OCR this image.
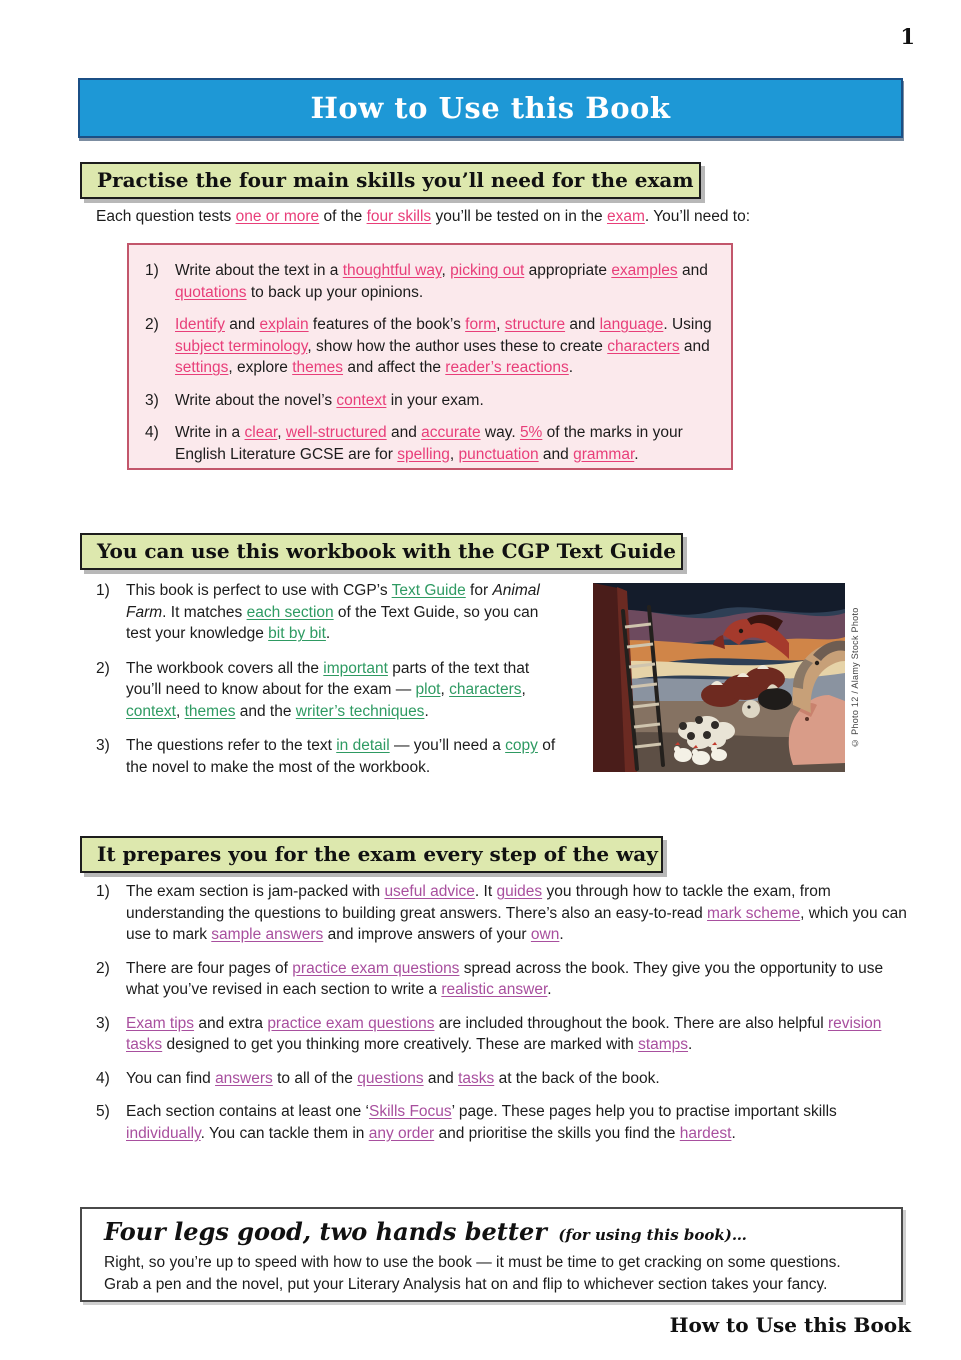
1
How to Use this Book
Practise the four main skills you’ll need for the exam

Each question tests one or more of the four skills you’ll be tested on in the exam. You’ll need to:

1)	Write about the text in a thoughtful way, picking out appropriate examples and quotations to back up your opinions.
2)	Identify and explain features of the book’s form, structure and language. Using subject terminology, show how the author uses these to create characters and settings, explore themes and affect the reader’s reactions.
3)	Write about the novel’s context in your exam.
4)	Write in a clear, well-structured and accurate way. 5% of the marks in your English Literature GCSE are for spelling, punctuation and grammar.
You can use this workbook with the CGP Text Guide
1)	This book is perfect to use with CGP’s Text Guide for Animal Farm. It matches each section of the Text Guide, so you can test your knowledge bit by bit.
2)	The workbook covers all the important parts of the text that you’ll need to know about for the exam — plot, characters, context, themes and the writer’s techniques.
3)	The questions refer to the text in detail — you’ll need a copy of the novel to make the most of the workbook.
© Photo 12 / Alamy Stock Photo
It prepares you for the exam every step of the way
1)	The exam section is jam-packed with useful advice. It guides you through how to tackle the exam, from understanding the questions to building great answers. There’s also an easy-to-read mark scheme, which you can use to mark sample answers and improve answers of your own.
2)	There are four pages of practice exam questions spread across the book. They give you the opportunity to use what you’ve revised in each section to write a realistic answer.
3)	Exam tips and extra practice exam questions are included throughout the book. There are also helpful revision tasks designed to get you thinking more creatively. These are marked with stamps.
4)	You can find answers to all of the questions and tasks at the back of the book.
5)	Each section contains at least one ‘Skills Focus’ page. These pages help you to practise important skills individually. You can tackle them in any order and prioritise the skills you find the hardest.
Four legs good, two hands better (for using this book)…

Right, so you’re up to speed with how to use the book — it must be time to get cracking on some questions.

Grab a pen and the novel, put your Literary Analysis hat on and flip to whichever section takes your fancy.

How to Use this Book
